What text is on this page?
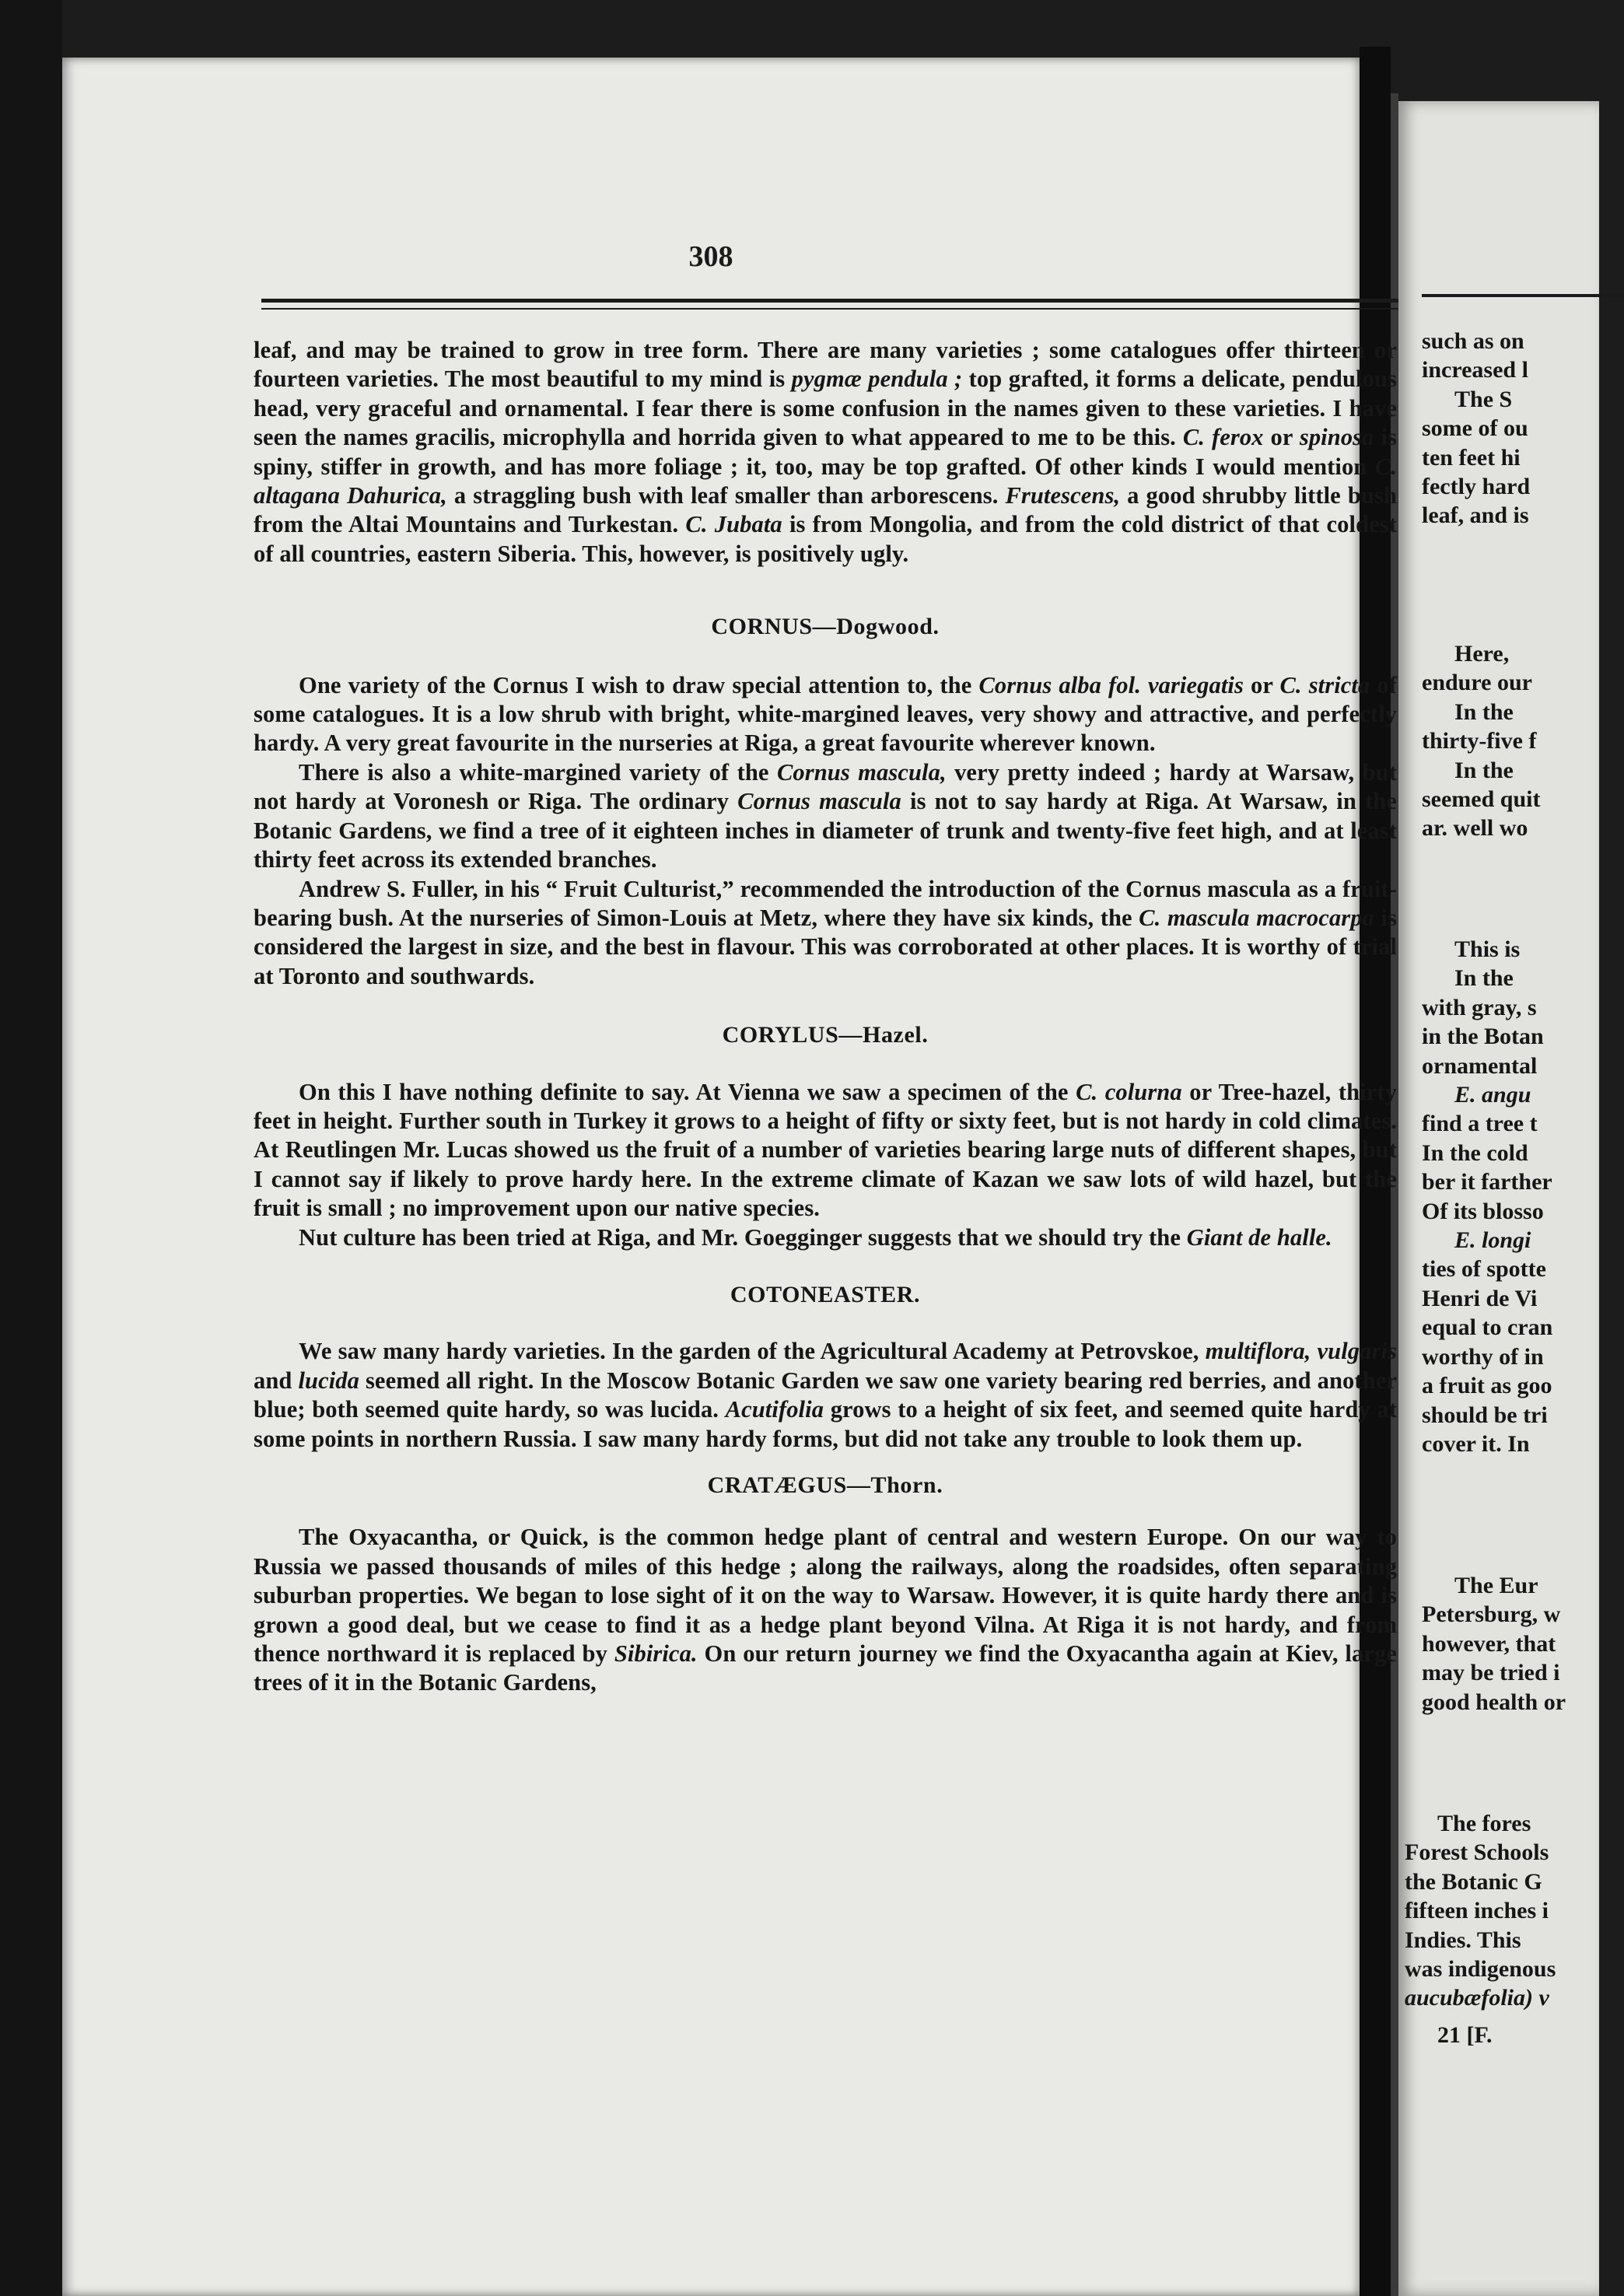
308

leaf, and may be trained to grow in tree form. There are many varieties ; some catalogues offer thirteen or fourteen varieties. The most beautiful to my mind is pygmæ pendula ; top grafted, it forms a delicate, pendulous head, very graceful and ornamental. I fear there is some confusion in the names given to these varieties. I have seen the names gracilis, microphylla and horrida given to what appeared to me to be this. C. ferox or spinosa is spiny, stiffer in growth, and has more foliage ; it, too, may be top grafted. Of other kinds I would mention C. altagana Dahurica, a straggling bush with leaf smaller than arborescens. Frutescens, a good shrubby little bush from the Altai Mountains and Turkestan. C. Jubata is from Mongolia, and from the cold district of that coldest of all countries, eastern Siberia. This, however, is positively ugly.

CORNUS—Dogwood.

One variety of the Cornus I wish to draw special attention to, the Cornus alba fol. variegatis or C. stricta of some catalogues. It is a low shrub with bright, white-margined leaves, very showy and attractive, and perfectly hardy. A very great favourite in the nurseries at Riga, a great favourite wherever known.

There is also a white-margined variety of the Cornus mascula, very pretty indeed ; hardy at Warsaw, but not hardy at Voronesh or Riga. The ordinary Cornus mascula is not to say hardy at Riga. At Warsaw, in the Botanic Gardens, we find a tree of it eighteen inches in diameter of trunk and twenty-five feet high, and at least thirty feet across its extended branches.

Andrew S. Fuller, in his “ Fruit Culturist,” recommended the introduction of the Cornus mascula as a fruit-bearing bush. At the nurseries of Simon-Louis at Metz, where they have six kinds, the C. mascula macrocarpa is considered the largest in size, and the best in flavour. This was corroborated at other places. It is worthy of trial at Toronto and southwards.

CORYLUS—Hazel.

On this I have nothing definite to say. At Vienna we saw a specimen of the C. colurna or Tree-hazel, thirty feet in height. Further south in Turkey it grows to a height of fifty or sixty feet, but is not hardy in cold climates. At Reutlingen Mr. Lucas showed us the fruit of a number of varieties bearing large nuts of different shapes, but I cannot say if likely to prove hardy here. In the extreme climate of Kazan we saw lots of wild hazel, but the fruit is small ; no improvement upon our native species.

Nut culture has been tried at Riga, and Mr. Goegginger suggests that we should try the Giant de halle.

COTONEASTER.

We saw many hardy varieties. In the garden of the Agricultural Academy at Petrovskoe, multiflora, vulgaris and lucida seemed all right. In the Moscow Botanic Garden we saw one variety bearing red berries, and another blue; both seemed quite hardy, so was lucida. Acutifolia grows to a height of six feet, and seemed quite hardy at some points in northern Russia. I saw many hardy forms, but did not take any trouble to look them up.

CRATÆGUS—Thorn.

The Oxyacantha, or Quick, is the common hedge plant of central and western Europe. On our way to Russia we passed thousands of miles of this hedge ; along the railways, along the roadsides, often separating suburban properties. We began to lose sight of it on the way to Warsaw. However, it is quite hardy there and is grown a good deal, but we cease to find it as a hedge plant beyond Vilna. At Riga it is not hardy, and from thence northward it is replaced by Sibirica. On our return journey we find the Oxyacantha again at Kiev, large trees of it in the Botanic Gardens,

such as on
increased l
The S
some of ou
ten feet hi
fectly hard
leaf, and is
Here,
endure our
In the
thirty-five f
In the
seemed quit
ar. well wo
This is
In the
with gray, s
in the Botan
ornamental
E. angu
find a tree t
In the cold
ber it farther
Of its blosso
E. longi
ties of spotte
Henri de Vi
equal to cran
worthy of in
a fruit as goo
should be tri
cover it. In
The Eur
Petersburg, w
however, that
may be tried i
good health or
The fores
Forest Schools
the Botanic G
fifteen inches i
Indies. This
was indigenous
aucubæfolia) v
21 [F.
